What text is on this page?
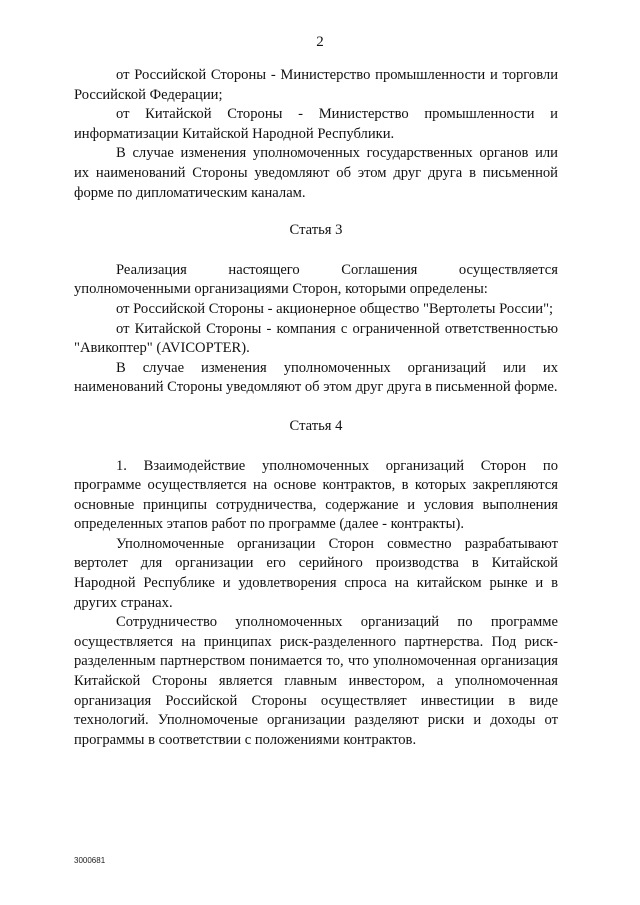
2

от Российской Стороны - Министерство промышленности и торговли Российской Федерации;

от Китайской Стороны - Министерство промышленности и информатизации Китайской Народной Республики.

В случае изменения уполномоченных государственных органов или их наименований Стороны уведомляют об этом друг друга в письменной форме по дипломатическим каналам.

Статья 3

Реализация настоящего Соглашения осуществляется уполномоченными организациями Сторон, которыми определены:

от Российской Стороны - акционерное общество "Вертолеты России";

от Китайской Стороны - компания с ограниченной ответственностью "Авикоптер" (AVICOPTER).

В случае изменения уполномоченных организаций или их наименований Стороны уведомляют об этом друг друга в письменной форме.

Статья 4

1. Взаимодействие уполномоченных организаций Сторон по программе осуществляется на основе контрактов, в которых закрепляются основные принципы сотрудничества, содержание и условия выполнения определенных этапов работ по программе (далее - контракты).

Уполномоченные организации Сторон совместно разрабатывают вертолет для организации его серийного производства в Китайской Народной Республике и удовлетворения спроса на китайском рынке и в других странах.

Сотрудничество уполномоченных организаций по программе осуществляется на принципах риск-разделенного партнерства. Под риск-разделенным партнерством понимается то, что уполномоченная организация Китайской Стороны является главным инвестором, а уполномоченная организация Российской Стороны осуществляет инвестиции в виде технологий. Уполномоченые организации разделяют риски и доходы от программы в соответствии с положениями контрактов.

3000681
